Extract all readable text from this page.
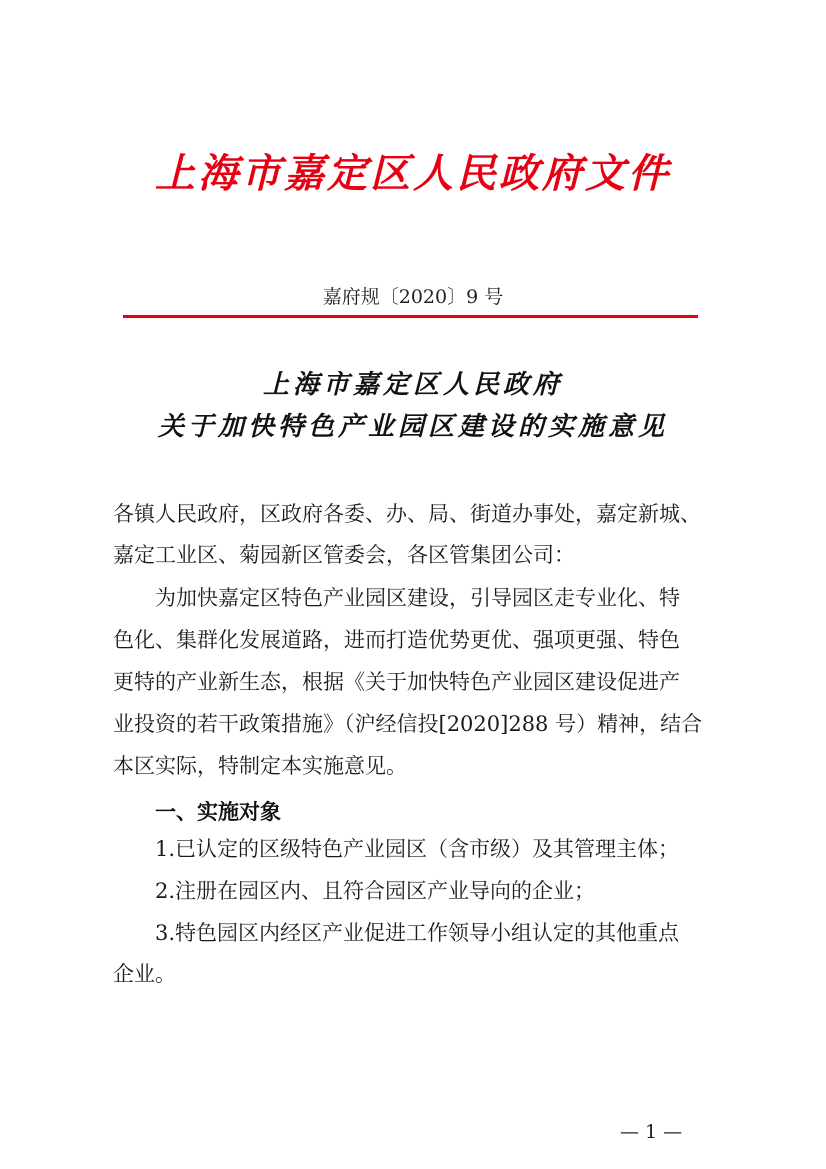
上海市嘉定区人民政府文件
嘉府规〔2020〕9 号
上海市嘉定区人民政府
关于加快特色产业园区建设的实施意见
各镇人民政府，区政府各委、办、局、街道办事处，嘉定新城、
嘉定工业区、菊园新区管委会，各区管集团公司：
为加快嘉定区特色产业园区建设，引导园区走专业化、特
色化、集群化发展道路，进而打造优势更优、强项更强、特色
更特的产业新生态，根据《关于加快特色产业园区建设促进产
业投资的若干政策措施》（沪经信投[2020]288 号）精神，结合
本区实际，特制定本实施意见。
一、实施对象
1.已认定的区级特色产业园区（含市级）及其管理主体；
2.注册在园区内、且符合园区产业导向的企业；
3.特色园区内经区产业促进工作领导小组认定的其他重点
企业。
— 1 —
